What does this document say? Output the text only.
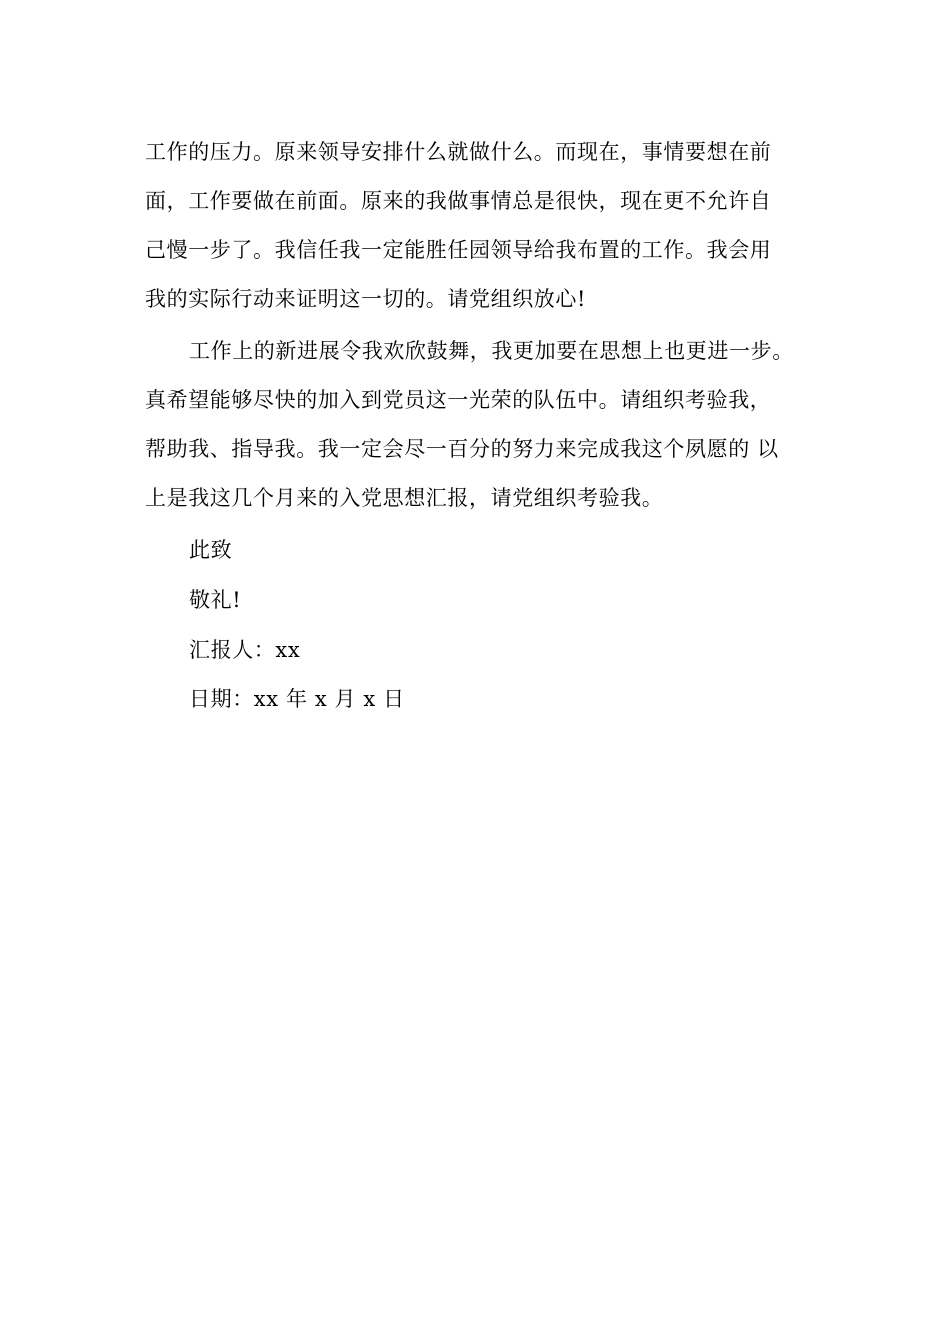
工作的压力。原来领导安排什么就做什么。而现在，事情要想在前
面，工作要做在前面。原来的我做事情总是很快，现在更不允许自
己慢一步了。我信任我一定能胜任园领导给我布置的工作。我会用
我的实际行动来证明这一切的。请党组织放心!
工作上的新进展令我欢欣鼓舞，我更加要在思想上也更进一步。
真希望能够尽快的加入到党员这一光荣的队伍中。请组织考验我，
帮助我、指导我。我一定会尽一百分的努力来完成我这个夙愿的 以
上是我这几个月来的入党思想汇报，请党组织考验我。
此致
敬礼!
汇报人：xx
日期：xx 年 x 月 x 日
